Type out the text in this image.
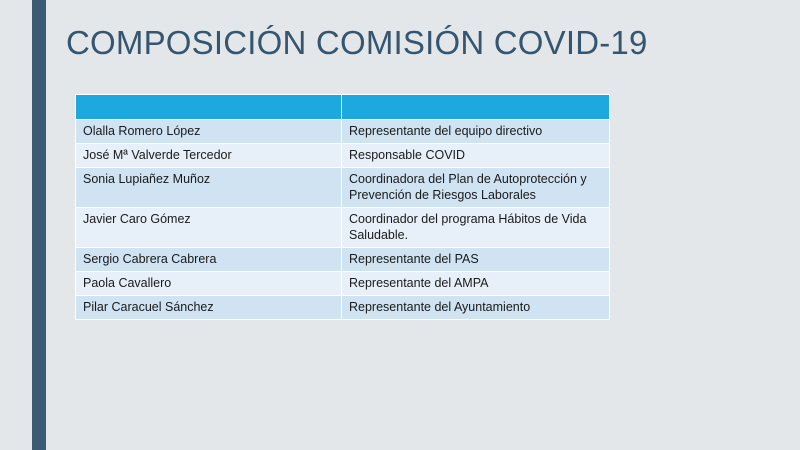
COMPOSICIÓN COMISIÓN COVID-19

Olalla Romero López	Representante del equipo directivo
José Mª Valverde Tercedor	Responsable COVID
Sonia Lupiañez Muñoz	Coordinadora del Plan de Autoprotección y Prevención de Riesgos Laborales
Javier Caro Gómez	Coordinador del programa Hábitos de Vida Saludable.
Sergio Cabrera Cabrera	Representante del PAS
Paola Cavallero	Representante del AMPA
Pilar Caracuel Sánchez	Representante del Ayuntamiento
